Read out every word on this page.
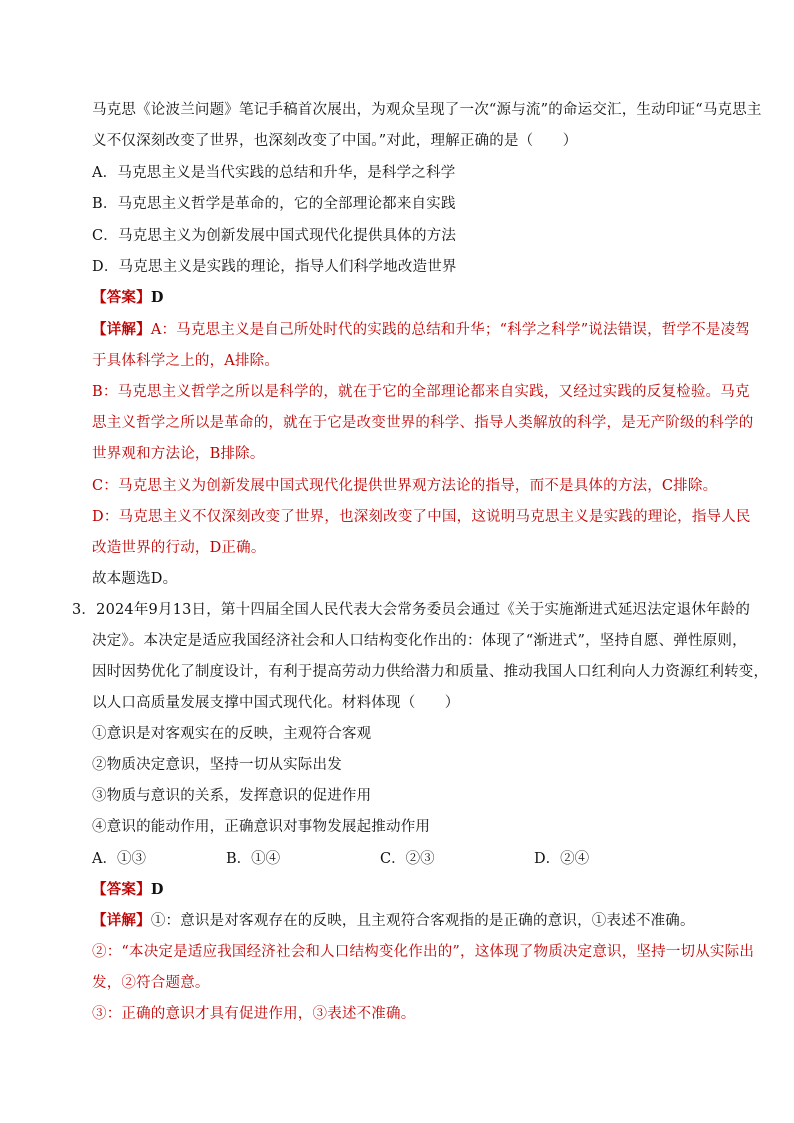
马克思《论波兰问题》笔记手稿首次展出，为观众呈现了一次“源与流”的命运交汇，生动印证“马克思主
义不仅深刻改变了世界，也深刻改变了中国。”对此，理解正确的是（　　）
A．马克思主义是当代实践的总结和升华，是科学之科学
B．马克思主义哲学是革命的，它的全部理论都来自实践
C．马克思主义为创新发展中国式现代化提供具体的方法
D．马克思主义是实践的理论，指导人们科学地改造世界
【答案】D
【详解】A：马克思主义是自己所处时代的实践的总结和升华；“科学之科学”说法错误，哲学不是凌驾
于具体科学之上的，A排除。
B：马克思主义哲学之所以是科学的，就在于它的全部理论都来自实践，又经过实践的反复检验。马克
思主义哲学之所以是革命的，就在于它是改变世界的科学、指导人类解放的科学，是无产阶级的科学的
世界观和方法论，B排除。
C：马克思主义为创新发展中国式现代化提供世界观方法论的指导，而不是具体的方法，C排除。
D：马克思主义不仅深刻改变了世界，也深刻改变了中国，这说明马克思主义是实践的理论，指导人民
改造世界的行动，D正确。
故本题选D。
3．2024年9月13日，第十四届全国人民代表大会常务委员会通过《关于实施渐进式延迟法定退休年龄的
决定》。本决定是适应我国经济社会和人口结构变化作出的：体现了“渐进式”，坚持自愿、弹性原则，
因时因势优化了制度设计，有利于提高劳动力供给潜力和质量、推动我国人口红利向人力资源红利转变，
以人口高质量发展支撑中国式现代化。材料体现（　　）
①意识是对客观实在的反映，主观符合客观
②物质决定意识，坚持一切从实际出发
③物质与意识的关系，发挥意识的促进作用
④意识的能动作用，正确意识对事物发展起推动作用
A．①③	B．①④	C．②③	D．②④
【答案】D
【详解】①：意识是对客观存在的反映，且主观符合客观指的是正确的意识，①表述不准确。
②：“本决定是适应我国经济社会和人口结构变化作出的”，这体现了物质决定意识，坚持一切从实际出
发，②符合题意。
③：正确的意识才具有促进作用，③表述不准确。
